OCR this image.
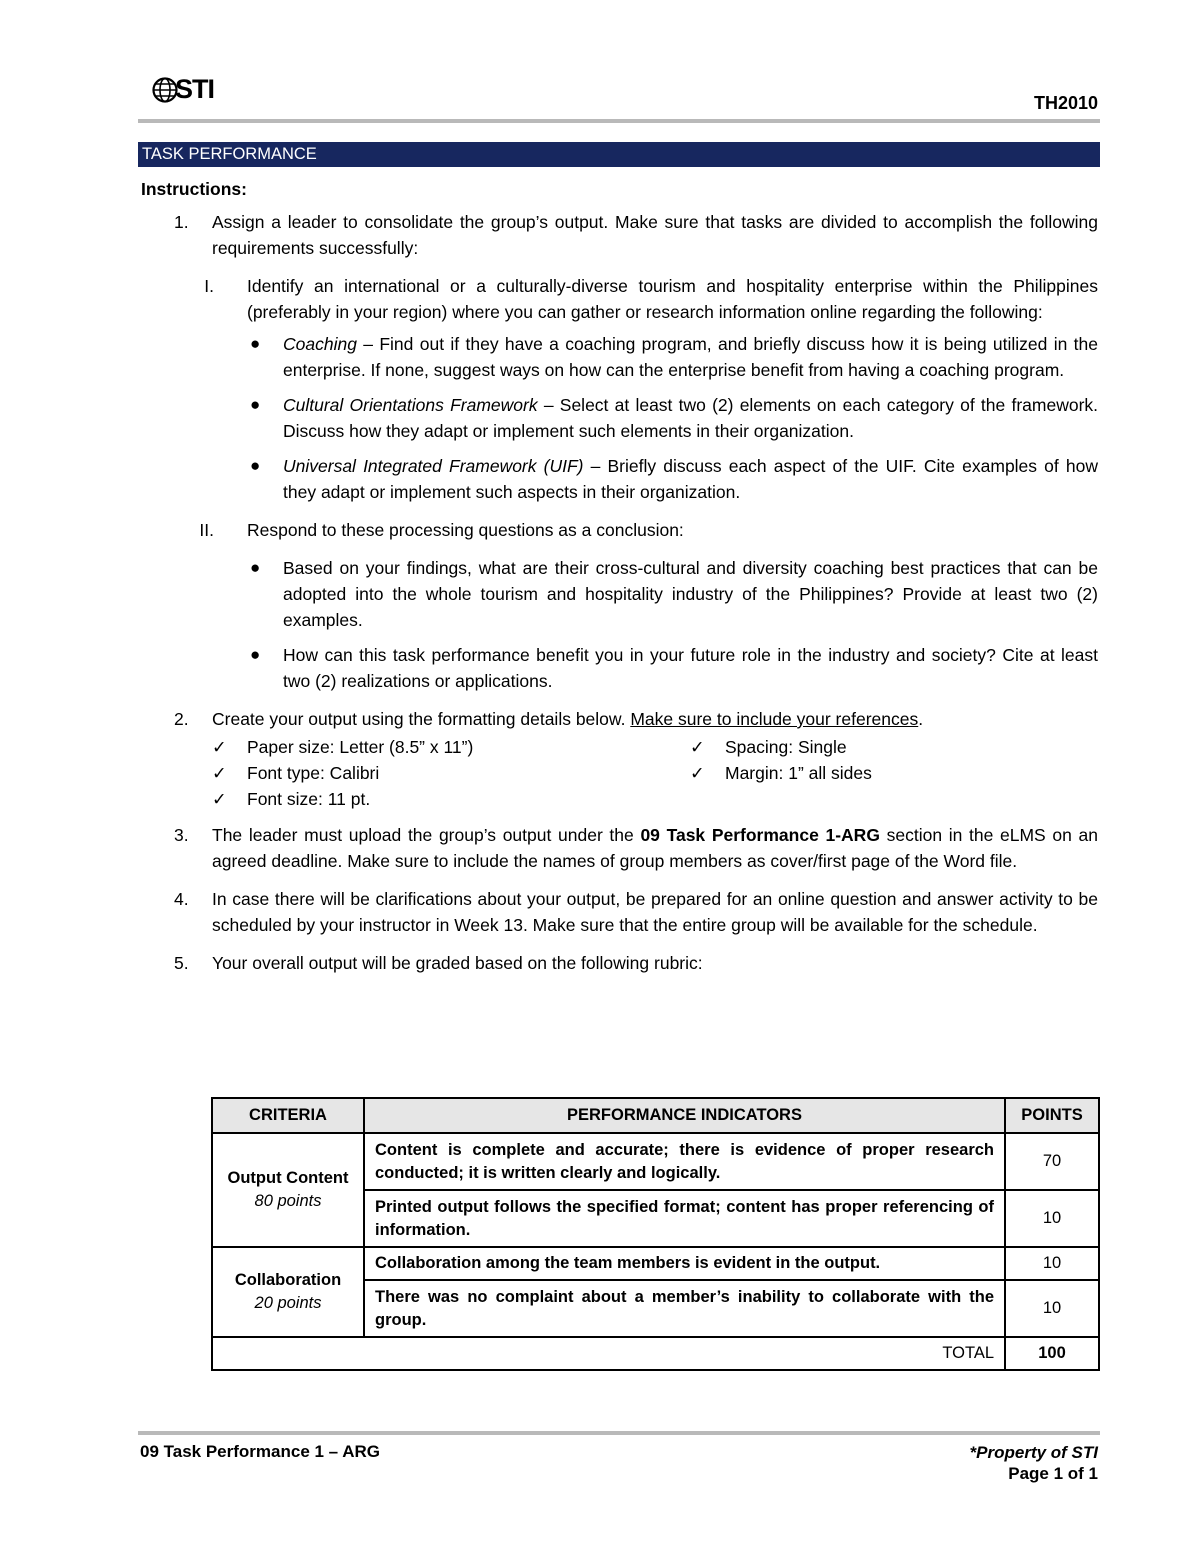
STI	TH2010
TASK PERFORMANCE
Instructions:
1. Assign a leader to consolidate the group’s output. Make sure that tasks are divided to accomplish the following requirements successfully:
I. Identify an international or a culturally-diverse tourism and hospitality enterprise within the Philippines (preferably in your region) where you can gather or research information online regarding the following:
● Coaching – Find out if they have a coaching program, and briefly discuss how it is being utilized in the enterprise. If none, suggest ways on how can the enterprise benefit from having a coaching program.
● Cultural Orientations Framework – Select at least two (2) elements on each category of the framework. Discuss how they adapt or implement such elements in their organization.
● Universal Integrated Framework (UIF) – Briefly discuss each aspect of the UIF. Cite examples of how they adapt or implement such aspects in their organization.
II. Respond to these processing questions as a conclusion:
● Based on your findings, what are their cross-cultural and diversity coaching best practices that can be adopted into the whole tourism and hospitality industry of the Philippines? Provide at least two (2) examples.
● How can this task performance benefit you in your future role in the industry and society? Cite at least two (2) realizations or applications.
2. Create your output using the formatting details below. Make sure to include your references.
✓ Paper size: Letter (8.5” x 11”)	✓ Spacing: Single
✓ Font type: Calibri	✓ Margin: 1” all sides
✓ Font size: 11 pt.
3. The leader must upload the group’s output under the 09 Task Performance 1-ARG section in the eLMS on an agreed deadline. Make sure to include the names of group members as cover/first page of the Word file.
4. In case there will be clarifications about your output, be prepared for an online question and answer activity to be scheduled by your instructor in Week 13. Make sure that the entire group will be available for the schedule.
5. Your overall output will be graded based on the following rubric:
CRITERIA	PERFORMANCE INDICATORS	POINTS

Output Content
80 points	Content is complete and accurate; there is evidence of proper research conducted; it is written clearly and logically.	70
	Printed output follows the specified format; content has proper referencing of information.	10

Collaboration
20 points	Collaboration among the team members is evident in the output.	10
	There was no complaint about a member’s inability to collaborate with the group.	10
TOTAL		100
09 Task Performance 1 – ARG	*Property of STI
Page 1 of 1
